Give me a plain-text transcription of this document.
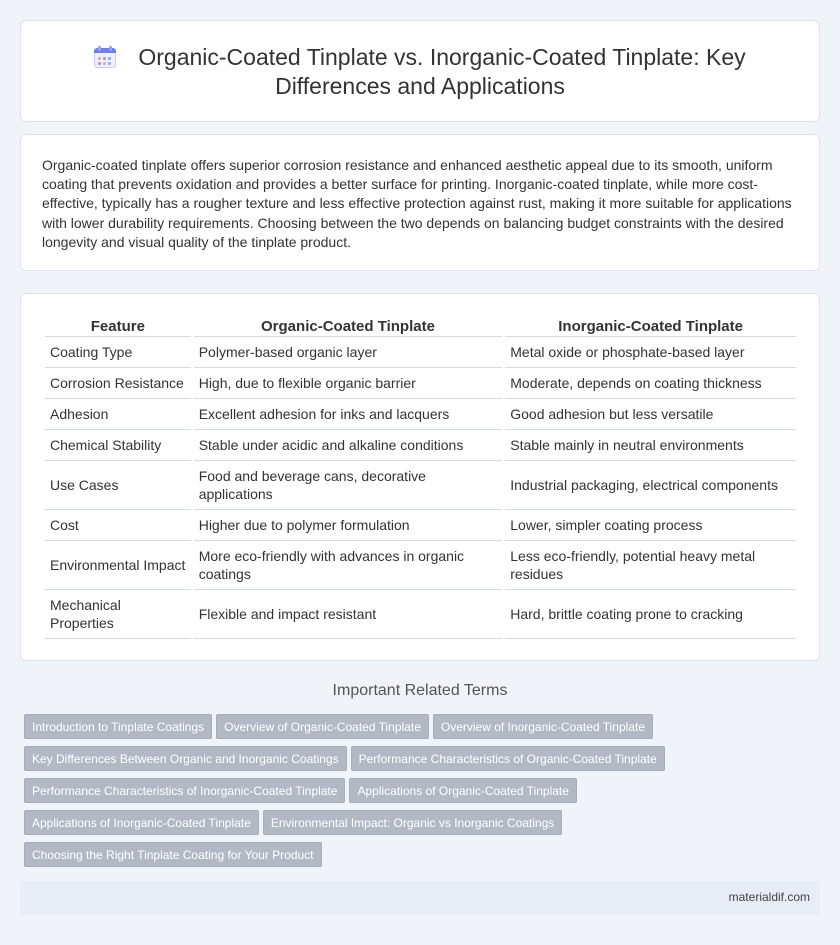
Organic-Coated Tinplate vs. Inorganic-Coated Tinplate: Key Differences and Applications

Organic-coated tinplate offers superior corrosion resistance and enhanced aesthetic appeal due to its smooth, uniform coating that prevents oxidation and provides a better surface for printing. Inorganic-coated tinplate, while more cost-effective, typically has a rougher texture and less effective protection against rust, making it more suitable for applications with lower durability requirements. Choosing between the two depends on balancing budget constraints with the desired longevity and visual quality of the tinplate product.

Feature	Organic-Coated Tinplate	Inorganic-Coated Tinplate
Coating Type	Polymer-based organic layer	Metal oxide or phosphate-based layer
Corrosion Resistance	High, due to flexible organic barrier	Moderate, depends on coating thickness
Adhesion	Excellent adhesion for inks and lacquers	Good adhesion but less versatile
Chemical Stability	Stable under acidic and alkaline conditions	Stable mainly in neutral environments
Use Cases	Food and beverage cans, decorative applications	Industrial packaging, electrical components
Cost	Higher due to polymer formulation	Lower, simpler coating process
Environmental Impact	More eco-friendly with advances in organic coatings	Less eco-friendly, potential heavy metal residues
Mechanical Properties	Flexible and impact resistant	Hard, brittle coating prone to cracking
Important Related Terms
Introduction to Tinplate Coatings Overview of Organic-Coated Tinplate Overview of Inorganic-Coated Tinplate
Key Differences Between Organic and Inorganic Coatings Performance Characteristics of Organic-Coated Tinplate
Performance Characteristics of Inorganic-Coated Tinplate Applications of Organic-Coated Tinplate
Applications of Inorganic-Coated Tinplate Environmental Impact: Organic vs Inorganic Coatings
Choosing the Right Tinplate Coating for Your Product
materialdif.com
